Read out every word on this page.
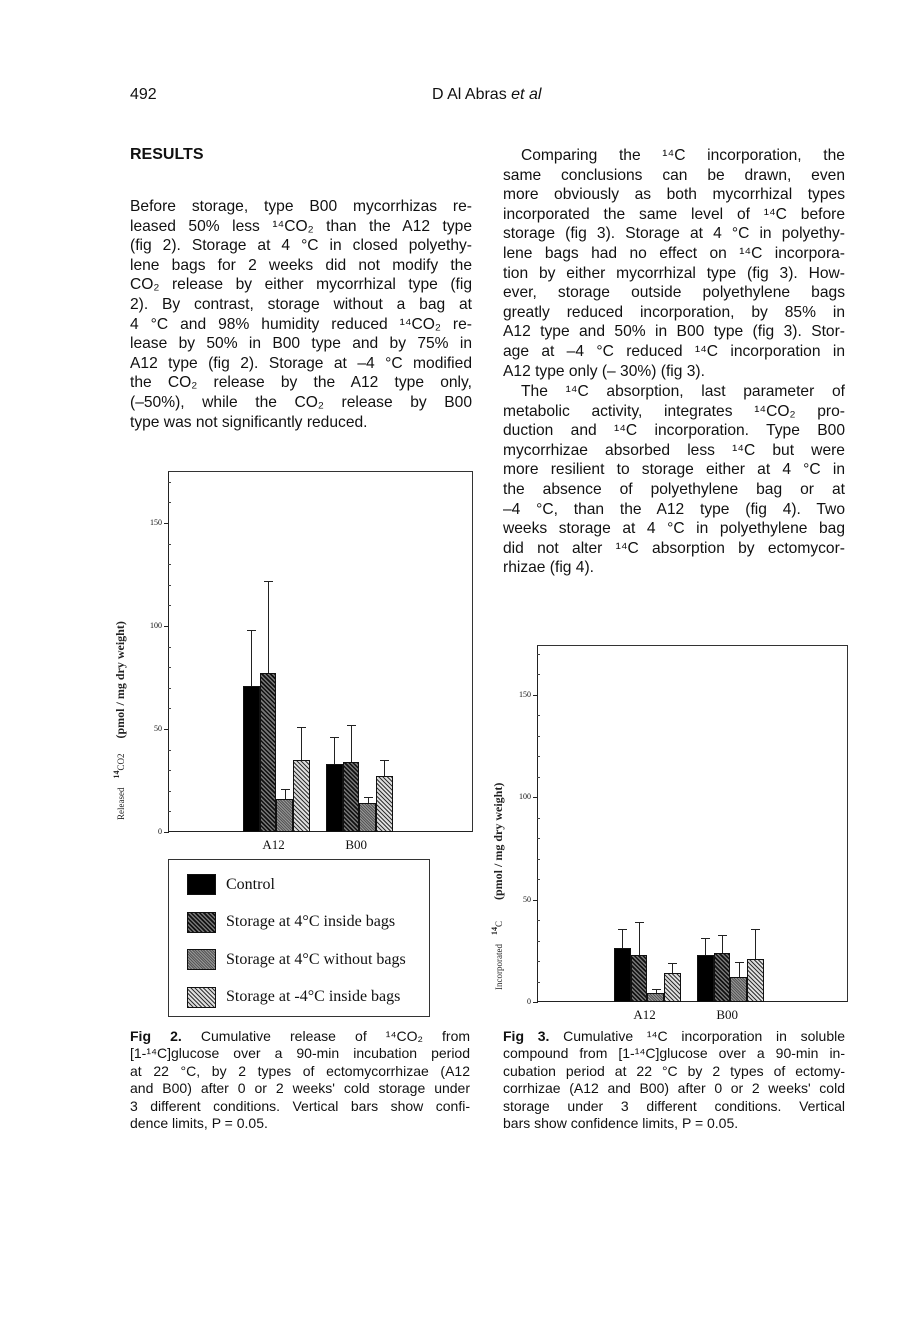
492	D Al Abras et al
RESULTS
Before storage, type B00 mycorrhizas re-
leased 50% less ¹⁴CO₂ than the A12 type
(fig 2). Storage at 4 °C in closed polyethy-
lene bags for 2 weeks did not modify the
CO₂ release by either mycorrhizal type (fig
2). By contrast, storage without a bag at
4 °C and 98% humidity reduced ¹⁴CO₂ re-
lease by 50% in B00 type and by 75% in
A12 type (fig 2). Storage at –4 °C modified
the CO₂ release by the A12 type only,
(–50%), while the CO₂ release by B00
type was not significantly reduced.
Comparing the ¹⁴C incorporation, the
same conclusions can be drawn, even
more obviously as both mycorrhizal types
incorporated the same level of ¹⁴C before
storage (fig 3). Storage at 4 °C in polyethy-
lene bags had no effect on ¹⁴C incorpora-
tion by either mycorrhizal type (fig 3). How-
ever, storage outside polyethylene bags
greatly reduced incorporation, by 85% in
A12 type and 50% in B00 type (fig 3). Stor-
age at –4 °C reduced ¹⁴C incorporation in
A12 type only (– 30%) (fig 3).
The ¹⁴C absorption, last parameter of
metabolic activity, integrates ¹⁴CO₂ pro-
duction and ¹⁴C incorporation. Type B00
mycorrhizae absorbed less ¹⁴C but were
more resilient to storage either at 4 °C in
the absence of polyethylene bag or at
–4 °C, than the A12 type (fig 4). Two
weeks storage at 4 °C in polyethylene bag
did not alter ¹⁴C absorption by ectomycor-
rhizae (fig 4).
0
50
100
150
A12	B00
Released   $^{14}$CO2     (pmol / mg dry weight)
Control
Storage at 4°C inside bags
Storage at 4°C without bags
Storage at -4°C inside bags	0
50
100
150
A12	B00
Incorporated   $^{14}$C       (pmol / mg dry weight)
Fig 2. Cumulative release of ¹⁴CO₂ from
[1-¹⁴C]glucose over a 90-min incubation period
at 22 °C, by 2 types of ectomycorrhizae (A12
and B00) after 0 or 2 weeks' cold storage under
3 different conditions. Vertical bars show confi-
dence limits, P = 0.05.
Fig 3. Cumulative ¹⁴C incorporation in soluble
compound from [1-¹⁴C]glucose over a 90-min in-
cubation period at 22 °C by 2 types of ectomy-
corrhizae (A12 and B00) after 0 or 2 weeks' cold
storage under 3 different conditions. Vertical
bars show confidence limits, P = 0.05.
